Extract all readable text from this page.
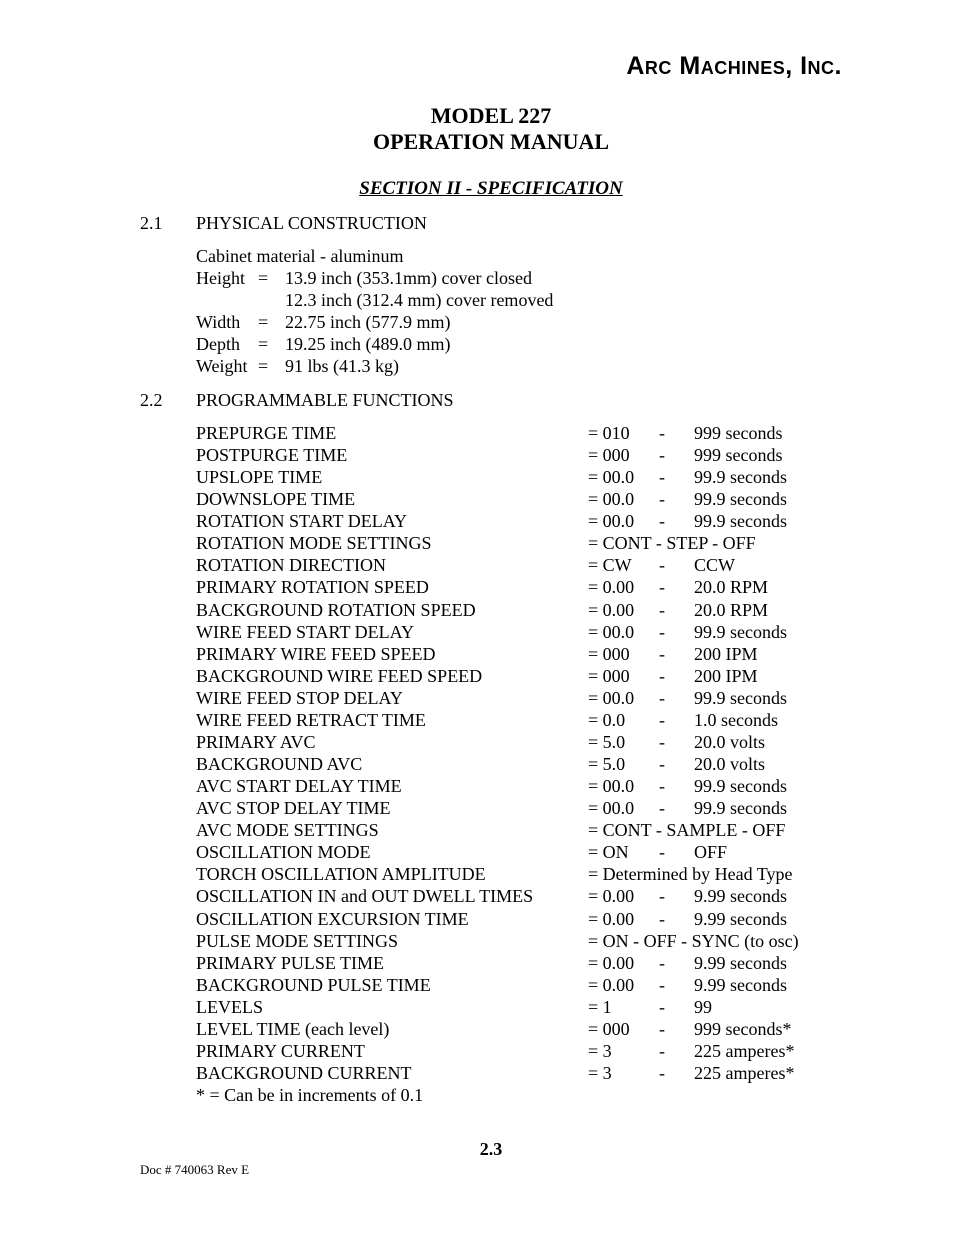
Arc Machines, Inc.
MODEL 227
OPERATION MANUAL
SECTION II - SPECIFICATION
2.1 PHYSICAL CONSTRUCTION
Cabinet material - aluminum
Height = 13.9 inch (353.1mm) cover closed
12.3 inch (312.4 mm) cover removed
Width = 22.75 inch (577.9 mm)
Depth = 19.25 inch (489.0 mm)
Weight = 91 lbs (41.3 kg)
2.2 PROGRAMMABLE FUNCTIONS
PREPURGE TIME	= 010 - 999 seconds
POSTPURGE TIME	= 000 - 999 seconds
UPSLOPE TIME	= 00.0 - 99.9 seconds
DOWNSLOPE TIME	= 00.0 - 99.9 seconds
ROTATION START DELAY	= 00.0 - 99.9 seconds
ROTATION MODE SETTINGS	= CONT - STEP - OFF
ROTATION DIRECTION	= CW - CCW
PRIMARY ROTATION SPEED	= 0.00 - 20.0 RPM
BACKGROUND ROTATION SPEED	= 0.00 - 20.0 RPM
WIRE FEED START DELAY	= 00.0 - 99.9 seconds
PRIMARY WIRE FEED SPEED	= 000 - 200 IPM
BACKGROUND WIRE FEED SPEED	= 000 - 200 IPM
WIRE FEED STOP DELAY	= 00.0 - 99.9 seconds
WIRE FEED RETRACT TIME	= 0.0 - 1.0 seconds
PRIMARY AVC	= 5.0 - 20.0 volts
BACKGROUND AVC	= 5.0 - 20.0 volts
AVC START DELAY TIME	= 00.0 - 99.9 seconds
AVC STOP DELAY TIME	= 00.0 - 99.9 seconds
AVC MODE SETTINGS	= CONT - SAMPLE - OFF
OSCILLATION MODE	= ON - OFF
TORCH OSCILLATION AMPLITUDE	= Determined by Head Type
OSCILLATION IN and OUT DWELL TIMES	= 0.00 - 9.99 seconds
OSCILLATION EXCURSION TIME	= 0.00 - 9.99 seconds
PULSE MODE SETTINGS	= ON - OFF - SYNC (to osc)
PRIMARY PULSE TIME	= 0.00 - 9.99 seconds
BACKGROUND PULSE TIME	= 0.00 - 9.99 seconds
LEVELS	= 1	- 99
LEVEL TIME (each level)	= 000 - 999 seconds*
PRIMARY CURRENT	= 3	- 225 amperes*
BACKGROUND CURRENT	= 3	- 225 amperes*
* = Can be in increments of 0.1
2.3
Doc # 740063 Rev E
